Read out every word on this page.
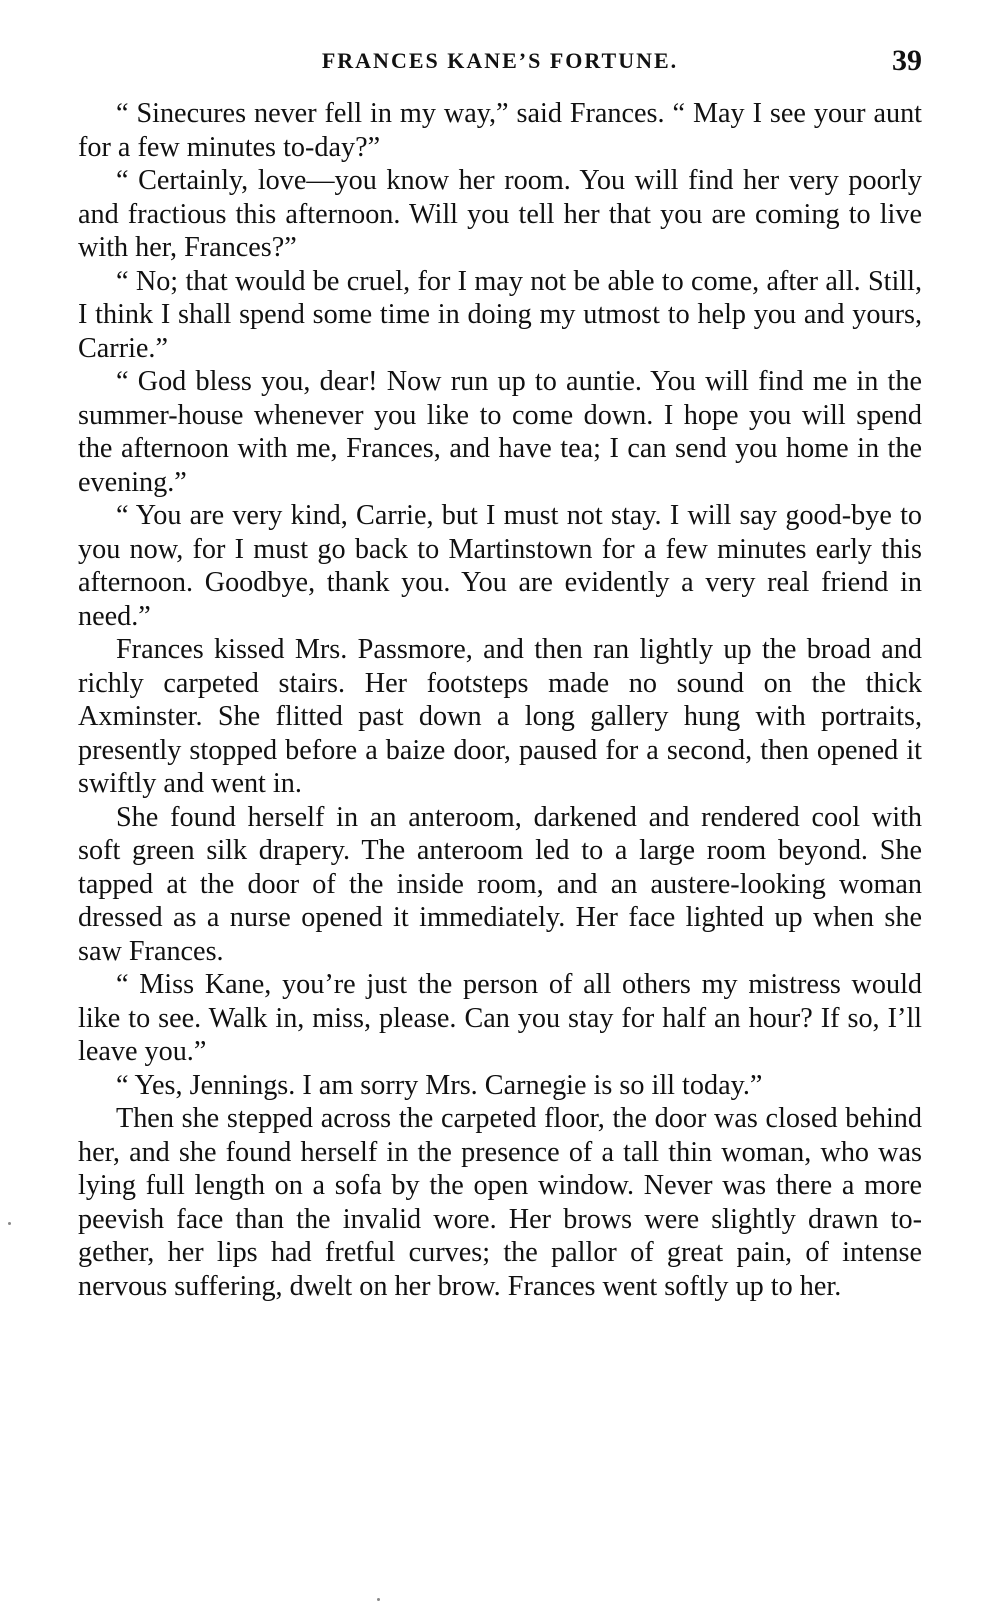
FRANCES KANE’S FORTUNE.	39

“ Sinecures never fell in my way,” said Frances. “ May I see your aunt for a few minutes to-day?”

“ Certainly, love—you know her room. You will find her very poorly and fractious this afternoon. Will you tell her that you are coming to live with her, Frances?”

“ No; that would be cruel, for I may not be able to come, after all. Still, I think I shall spend some time in doing my utmost to help you and yours, Carrie.”

“ God bless you, dear! Now run up to auntie. You will find me in the summer-house whenever you like to come down. I hope you will spend the afternoon with me, Frances, and have tea; I can send you home in the evening.”

“ You are very kind, Carrie, but I must not stay. I will say good-bye to you now, for I must go back to Martinstown for a few minutes early this afternoon. Goodbye, thank you. You are evidently a very real friend in need.”

Frances kissed Mrs. Passmore, and then ran lightly up the broad and richly carpeted stairs. Her footsteps made no sound on the thick Axminster. She flitted past down a long gallery hung with portraits, presently stopped before a baize door, paused for a second, then opened it swiftly and went in.

She found herself in an anteroom, darkened and rendered cool with soft green silk drapery. The anteroom led to a large room beyond. She tapped at the door of the inside room, and an austere-looking woman dressed as a nurse opened it immediately. Her face lighted up when she saw Frances.

“ Miss Kane, you’re just the person of all others my mistress would like to see. Walk in, miss, please. Can you stay for half an hour? If so, I’ll leave you.”

“ Yes, Jennings. I am sorry Mrs. Carnegie is so ill today.”

Then she stepped across the carpeted floor, the door was closed behind her, and she found herself in the presence of a tall thin woman, who was lying full length on a sofa by the open window. Never was there a more peevish face than the invalid wore. Her brows were slightly drawn together, her lips had fretful curves; the pallor of great pain, of intense nervous suffering, dwelt on her brow. Frances went softly up to her.
